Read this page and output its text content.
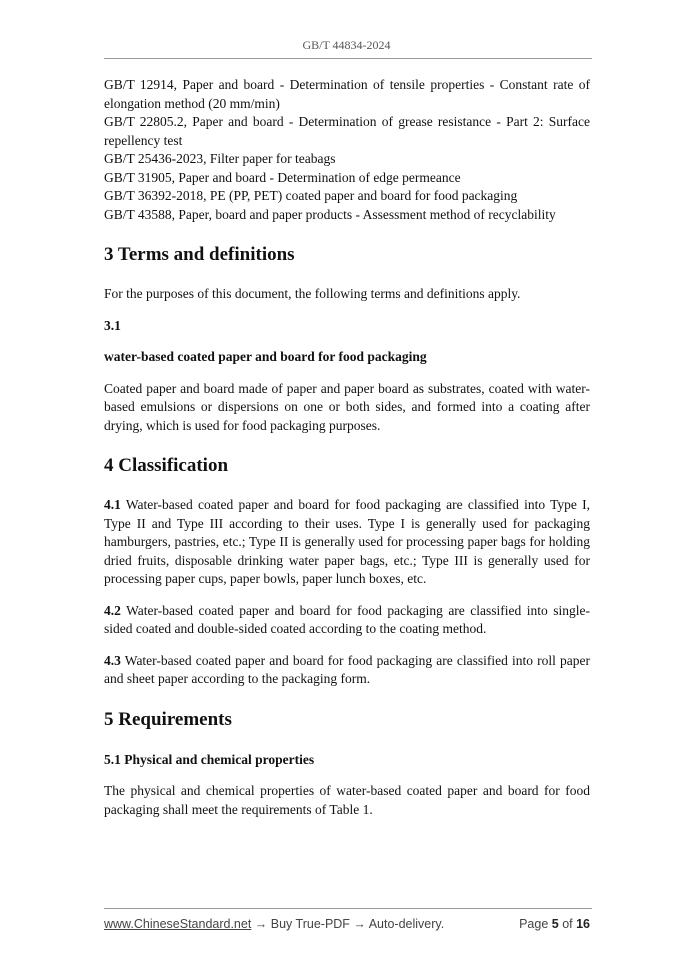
GB/T 44834-2024

GB/T 12914, Paper and board - Determination of tensile properties - Constant rate of elongation method (20 mm/min)

GB/T 22805.2, Paper and board - Determination of grease resistance - Part 2: Surface repellency test

GB/T 25436-2023, Filter paper for teabags

GB/T 31905, Paper and board - Determination of edge permeance

GB/T 36392-2018, PE (PP, PET) coated paper and board for food packaging

GB/T 43588, Paper, board and paper products - Assessment method of recyclability

3 Terms and definitions

For the purposes of this document, the following terms and definitions apply.

3.1

water-based coated paper and board for food packaging

Coated paper and board made of paper and paper board as substrates, coated with water-based emulsions or dispersions on one or both sides, and formed into a coating after drying, which is used for food packaging purposes.

4 Classification

4.1 Water-based coated paper and board for food packaging are classified into Type I, Type II and Type III according to their uses. Type I is generally used for packaging hamburgers, pastries, etc.; Type II is generally used for processing paper bags for holding dried fruits, disposable drinking water paper bags, etc.; Type III is generally used for processing paper cups, paper bowls, paper lunch boxes, etc.

4.2 Water-based coated paper and board for food packaging are classified into single-sided coated and double-sided coated according to the coating method.

4.3 Water-based coated paper and board for food packaging are classified into roll paper and sheet paper according to the packaging form.

5 Requirements

5.1 Physical and chemical properties

The physical and chemical properties of water-based coated paper and board for food packaging shall meet the requirements of Table 1.

www.ChineseStandard.net → Buy True-PDF → Auto-delivery.	Page 5 of 16
